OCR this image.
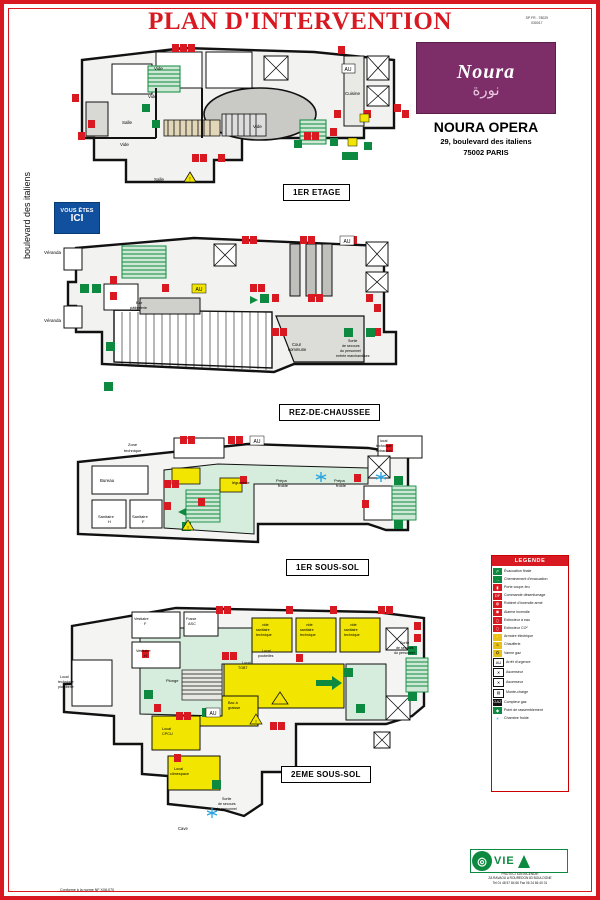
PLAN D'INTERVENTION	SP FR - 78029
030017
Noura
نورة
NOURA OPERA
29, boulevard des italiens
75002 PARIS
VOUS ÊTES
ICI
boulevard des italiens
E
AU
!
Vide
Vide
Salle
Vide
Vide
Cuisine
Salle
1ER ETAGE
AU
AU
Véranda
Véranda
Bar
pâtisserie
Cour
commune
Sortie
de secours
du personnel
entrée marchandises
REZ-DE-CHAUSSEE
AU
!
Zone
technique
local
technique
extraction
Bureau	légumerie	Prépa
froide
Prépa
froide
Sanitaire
H
Sanitaire
F
1ER SOUS-SOL
⚡
AU
!
Vestiaire
F
Vestiaire
H
Fosse
ASC	vide
sanitaire
technique
vide
sanitaire
technique
vide
sanitaire
technique
Plonge
Local
TGBT
Local
poubelles
Sortie
de secours
du personnel
Local
technique
plomberie
Bac à
graisse
Local
CPCU
Local
climespace
Sortie
de secours
du personnel
Cave
2EME SOUS-SOL
LEGENDE
↱	Évacuation finale
→	Cheminement d'évacuation
▮	Porte coupe-feu
DF	Commande désenfumage
◍	Robinet d'incendie armé
◉	Alarme incendie
▯	Extincteur à eau
▯	Extincteur CO²
⚡	Armoire électrique
♨	Chaufferie
⏣	Vanne gaz
AU	Arrêt d'urgence
✕	Ascenseur
✕	Ascenseur
▤	Monte-charge
GAZ Compteur gaz
◆	Point de rassemblement
✳	Chambre froide
◎ VIE
PROTECTION INCENDIE
ZA RAVAOU A ROUREDON 83 BOULOGNE
Tel 01 48 57 84 66 Fax 06 24 66 40 01
Conforme à la norme NF X08-070
